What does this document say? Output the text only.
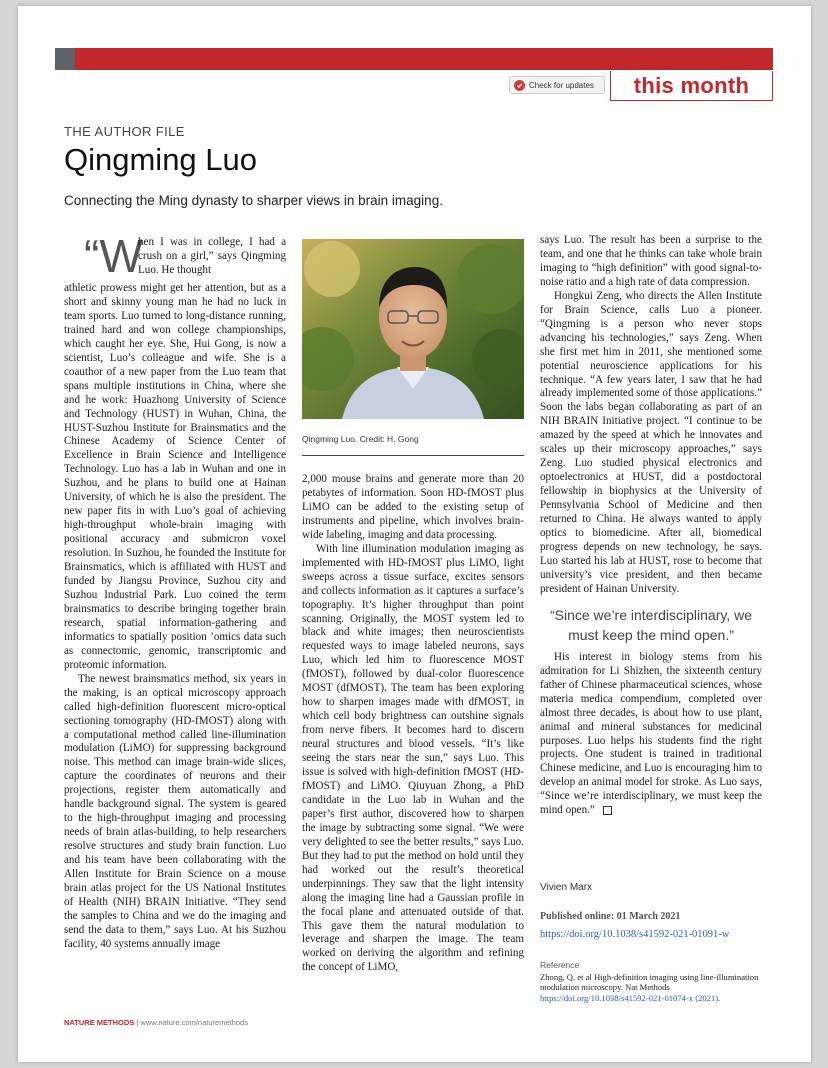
Check for updates	this month
THE AUTHOR FILE
Qingming Luo
Connecting the Ming dynasty to sharper views in brain imaging.
“W
hen I was in college, I had a crush on a girl,” says Qingming Luo. He thought

athletic prowess might get her attention, but as a short and skinny young man he had no luck in team sports. Luo turned to long-distance running, trained hard and won college championships, which caught her eye. She, Hui Gong, is now a scientist, Luo’s colleague and wife. She is a coauthor of a new paper from the Luo team that spans multiple institutions in China, where she and he work: Huazhong University of Science and Technology (HUST) in Wuhan, China, the HUST-Suzhou Institute for Brainsmatics and the Chinese Academy of Science Center of Excellence in Brain Science and Intelligence Technology. Luo has a lab in Wuhan and one in Suzhou, and he plans to build one at Hainan University, of which he is also the president. The new paper fits in with Luo’s goal of achieving high-throughput whole-brain imaging with positional accuracy and submicron voxel resolution. In Suzhou, he founded the Institute for Brainsmatics, which is affiliated with HUST and funded by Jiangsu Province, Suzhou city and Suzhou Industrial Park. Luo coined the term brainsmatics to describe bringing together brain research, spatial information-gathering and informatics to spatially position ’omics data such as connectomic, genomic, transcriptomic and proteomic information.

The newest brainsmatics method, six years in the making, is an optical microscopy approach called high-definition fluorescent micro-optical sectioning tomography (HD-fMOST) along with a computational method called line-illumination modulation (LiMO) for suppressing background noise. This method can image brain-wide slices, capture the coordinates of neurons and their projections, register them automatically and handle background signal. The system is geared to the high-throughput imaging and processing needs of brain atlas-building, to help researchers resolve structures and study brain function. Luo and his team have been collaborating with the Allen Institute for Brain Science on a mouse brain atlas project for the US National Institutes of Health (NIH) BRAIN Initiative. “They send the samples to China and we do the imaging and send the data to them,” says Luo. At his Suzhou facility, 40 systems annually image

Qingming Luo. Credit: H. Gong

2,000 mouse brains and generate more than 20 petabytes of information. Soon HD-fMOST plus LiMO can be added to the existing setup of instruments and pipeline, which involves brain-wide labeling, imaging and data processing.

With line illumination modulation imaging as implemented with HD-fMOST plus LiMO, light sweeps across a tissue surface, excites sensors and collects information as it captures a surface’s topography. It’s higher throughput than point scanning. Originally, the MOST system led to black and white images; then neuroscientists requested ways to image labeled neurons, says Luo, which led him to fluorescence MOST (fMOST), followed by dual-color fluorescence MOST (dfMOST). The team has been exploring how to sharpen images made with dfMOST, in which cell body brightness can outshine signals from nerve fibers. It becomes hard to discern neural structures and blood vessels. “It’s like seeing the stars near the sun,” says Luo. This issue is solved with high-definition fMOST (HD-fMOST) and LiMO. Qiuyuan Zhong, a PhD candidate in the Luo lab in Wuhan and the paper’s first author, discovered how to sharpen the image by subtracting some signal. “We were very delighted to see the better results,” says Luo. But they had to put the method on hold until they had worked out the result’s theoretical underpinnings. They saw that the light intensity along the imaging line had a Gaussian profile in the focal plane and attenuated outside of that. This gave them the natural modulation to leverage and sharpen the image. The team worked on deriving the algorithm and refining the concept of LiMO,

says Luo. The result has been a surprise to the team, and one that he thinks can take whole brain imaging to “high definition” with good signal-to-noise ratio and a high rate of data compression.

Hongkui Zeng, who directs the Allen Institute for Brain Science, calls Luo a pioneer. “Qingming is a person who never stops advancing his technologies,” says Zeng. When she first met him in 2011, she mentioned some potential neuroscience applications for his technique. “A few years later, I saw that he had already implemented some of those applications.” Soon the labs began collaborating as part of an NIH BRAIN Initiative project. “I continue to be amazed by the speed at which he innovates and scales up their microscopy approaches,” says Zeng. Luo studied physical electronics and optoelectronics at HUST, did a postdoctoral fellowship in biophysics at the University of Pennsylvania School of Medicine and then returned to China. He always wanted to apply optics to biomedicine. After all, biomedical progress depends on new technology, he says. Luo started his lab at HUST, rose to become that university’s vice president, and then became president of Hainan University.

“Since we’re interdisciplinary, we must keep the mind open.”

His interest in biology stems from his admiration for Li Shizhen, the sixteenth century father of Chinese pharmaceutical sciences, whose materia medica compendium, completed over almost three decades, is about how to use plant, animal and mineral substances for medicinal purposes. Luo helps his students find the right projects. One student is trained in traditional Chinese medicine, and Luo is encouraging him to develop an animal model for stroke. As Luo says, “Since we’re interdisciplinary, we must keep the mind open.”

Vivien Marx
Published online: 01 March 2021
https://doi.org/10.1038/s41592-021-01091-w
Reference
Zhong, Q. et al High-definition imaging using line-illumination modulation microscopy. Nat Methods https://doi.org/10.1038/s41592-021-01074-x (2021).
NATURE METHODS | www.nature.com/naturemethods
